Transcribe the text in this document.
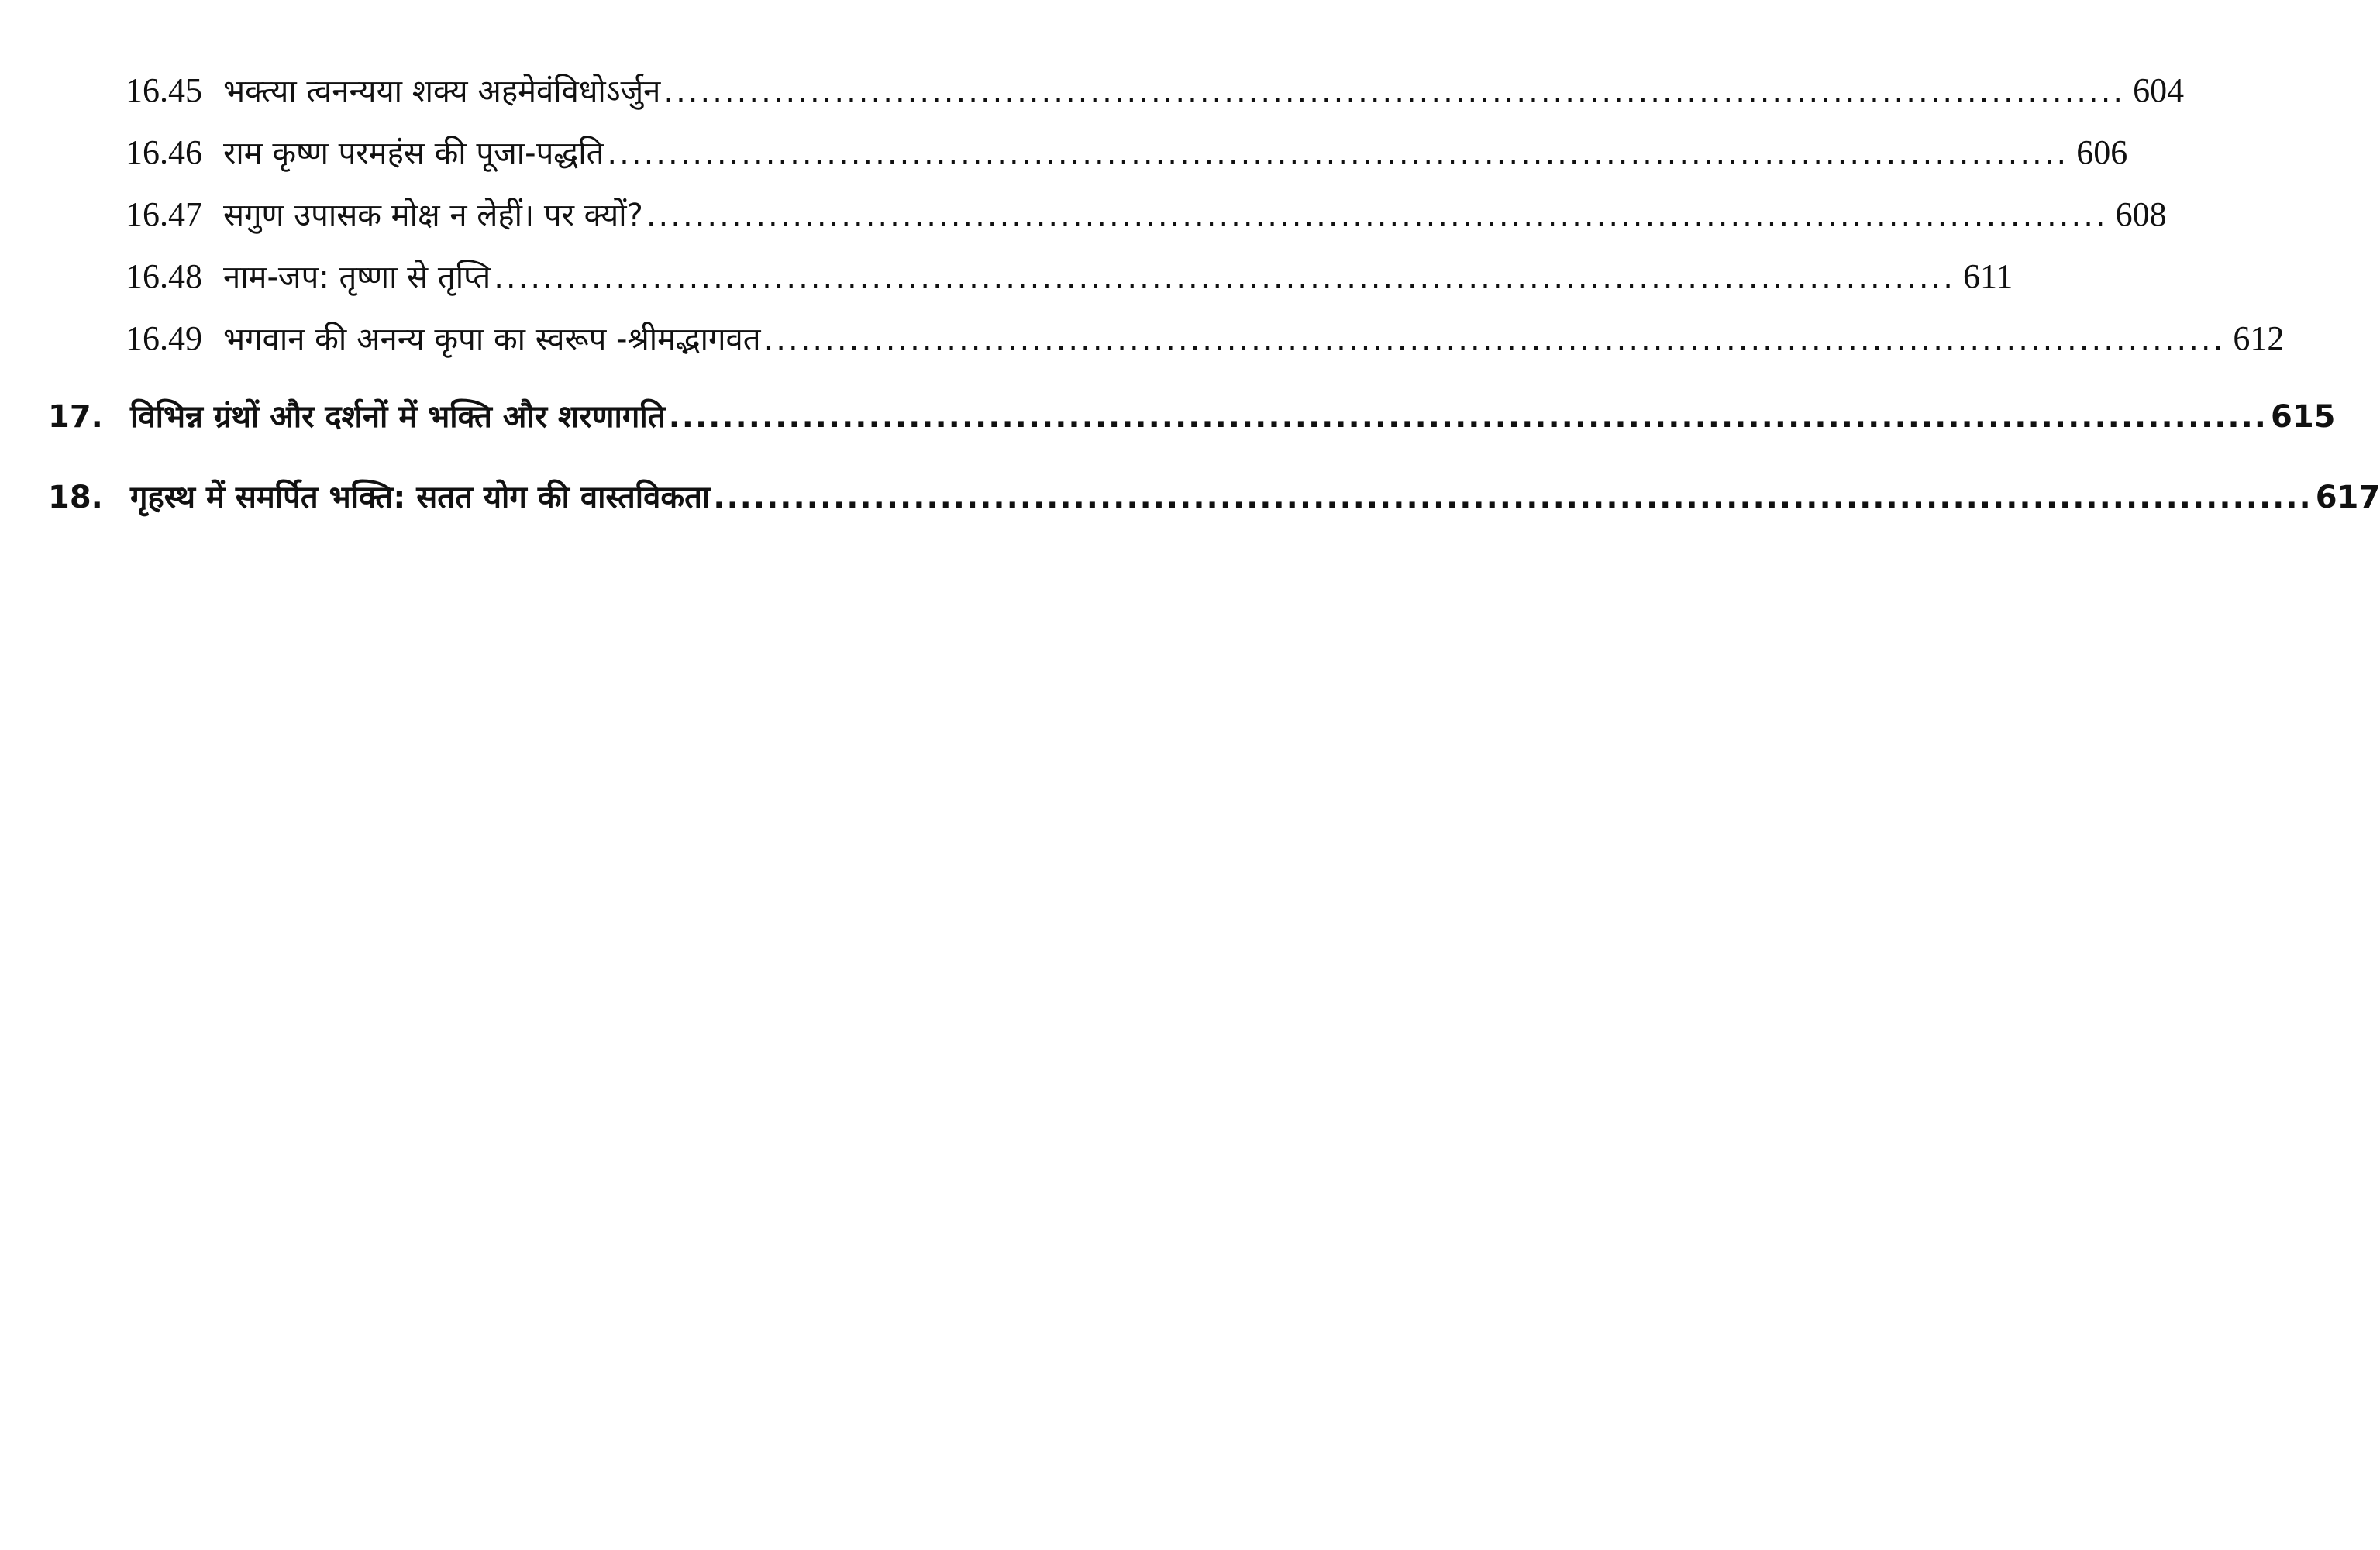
16.45 भक्त्या त्वनन्यया शक्य अहमेवंविधोऽर्जुन ........................................................................................................................ 604
16.46 राम कृष्ण परमहंस की पूजा-पद्धति ........................................................................................................................ 606
16.47 सगुण उपासक मोक्ष न लेहीं। पर क्यों? ........................................................................................................................ 608
16.48 नाम-जप: तृष्णा से तृप्ति ........................................................................................................................ 611
16.49 भगवान की अनन्य कृपा का स्वरूप -श्रीमद्भागवत ........................................................................................................................ 612
17. विभिन्न ग्रंथों और दर्शनों में भक्ति और शरणागति ........................................................................................................................ 615
18. गृहस्थ में समर्पित भक्ति: सतत योग की वास्तविकता ........................................................................................................................ 617
